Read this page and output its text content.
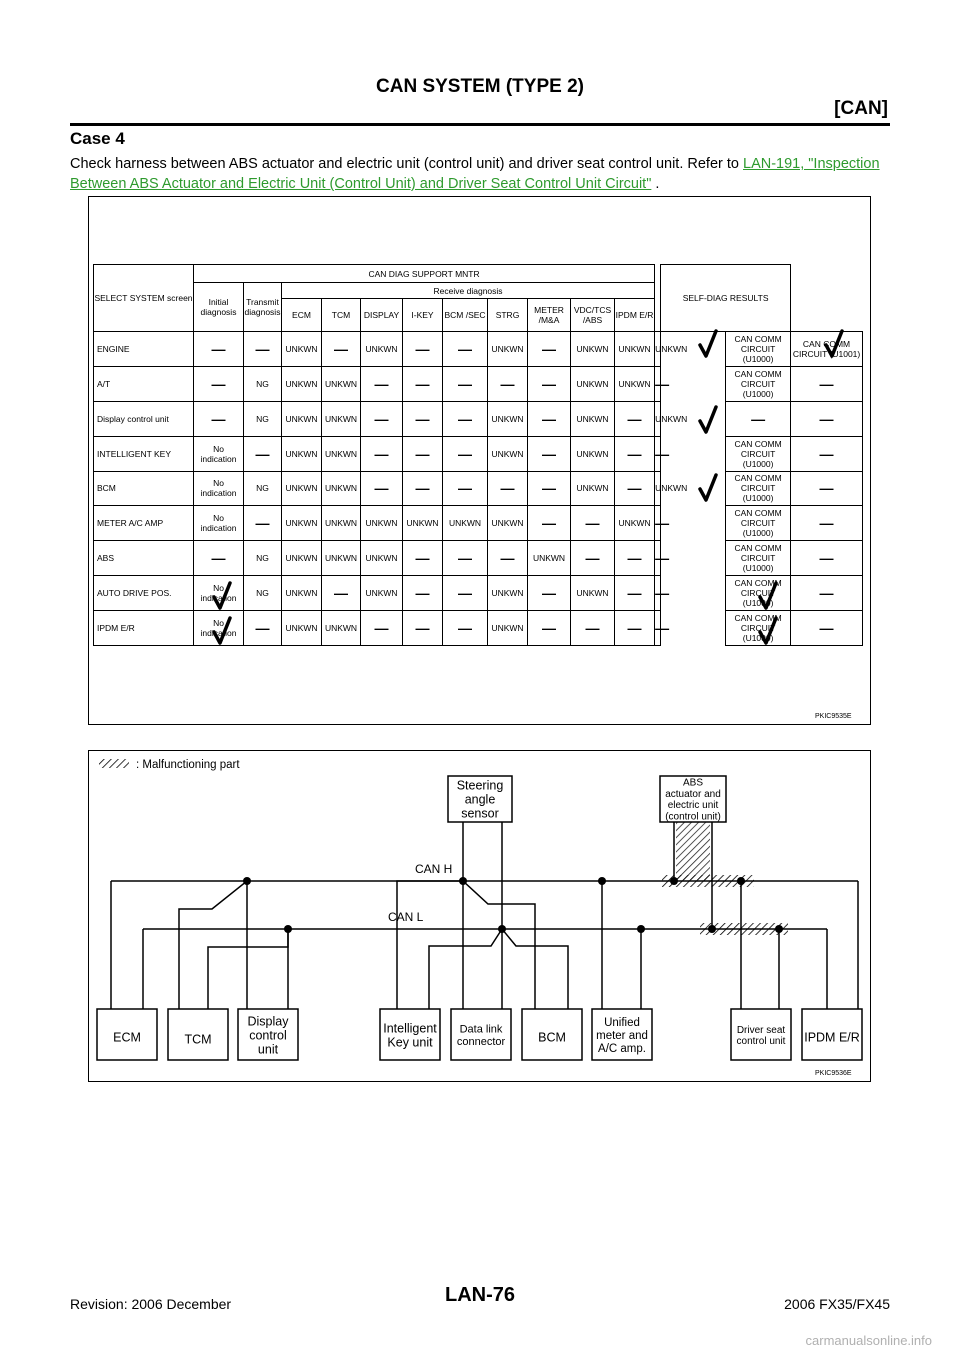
CAN SYSTEM (TYPE 2)
[CAN]
Case 4
Check harness between ABS actuator and electric unit (control unit) and driver seat control unit. Refer to LAN-191, "Inspection Between ABS Actuator and Electric Unit (Control Unit) and Driver Seat Control Unit Circuit" .
SELECT SYSTEM screen	CAN DIAG SUPPORT MNTR												SELF-DIAG RESULTS		
	Initial diagnosis	Transmit diagnosis	Receive diagnosis												
			ECM	TCM	DISPLAY	I-KEY	BCM /SEC	STRG	METER /M&A	VDC/TCS /ABS	IPDM E/R				
ENGINE	—	—	UNKWN	—	UNKWN	—	—	UNKWN	—	UNKWN	UNKWN	UNKWN		CAN COMM CIRCUIT (U1000)	CAN COMM CIRCUIT (U1001)
A/T	—	NG	UNKWN	UNKWN	—	—	—	—	—	UNKWN	UNKWN	—		CAN COMM CIRCUIT (U1000)	—
Display control unit	—	NG	UNKWN	UNKWN	—	—	—	UNKWN	—	UNKWN	—	UNKWN		—	—
INTELLIGENT KEY	No indication	—	UNKWN	UNKWN	—	—	—	UNKWN	—	UNKWN	—	—		CAN COMM CIRCUIT (U1000)	—
BCM	No indication	NG	UNKWN	UNKWN	—	—	—	—	—	UNKWN	—	UNKWN		CAN COMM CIRCUIT (U1000)	—
METER A/C AMP	No indication	—	UNKWN	UNKWN	UNKWN	UNKWN	UNKWN	UNKWN	—	—	UNKWN	—		CAN COMM CIRCUIT (U1000)	—
ABS	—	NG	UNKWN	UNKWN	UNKWN	—	—	—	UNKWN	—	—	—		CAN COMM CIRCUIT (U1000)	—
AUTO DRIVE POS.	No indication	NG	UNKWN	—	UNKWN	—	—	UNKWN	—	UNKWN	—	—		CAN COMM CIRCUIT (U1000)	—
IPDM E/R	No indication	—	UNKWN	UNKWN	—	—	—	UNKWN	—	—	—	—		CAN COMM CIRCUIT (U1000)	—
PKIC9535E
: Malfunctioning part
CAN H
CAN L
Steering angle sensor
ABS actuator and electric unit (control unit)
ECM	TCM
Display control unit
Intelligent Key unit
Data link connector	BCM
Unified meter and A/C amp.
Driver seat control unit IPDM E/R
PKIC9536E
Revision: 2006 December	LAN-76	2006 FX35/FX45
carmanualsonline.info
